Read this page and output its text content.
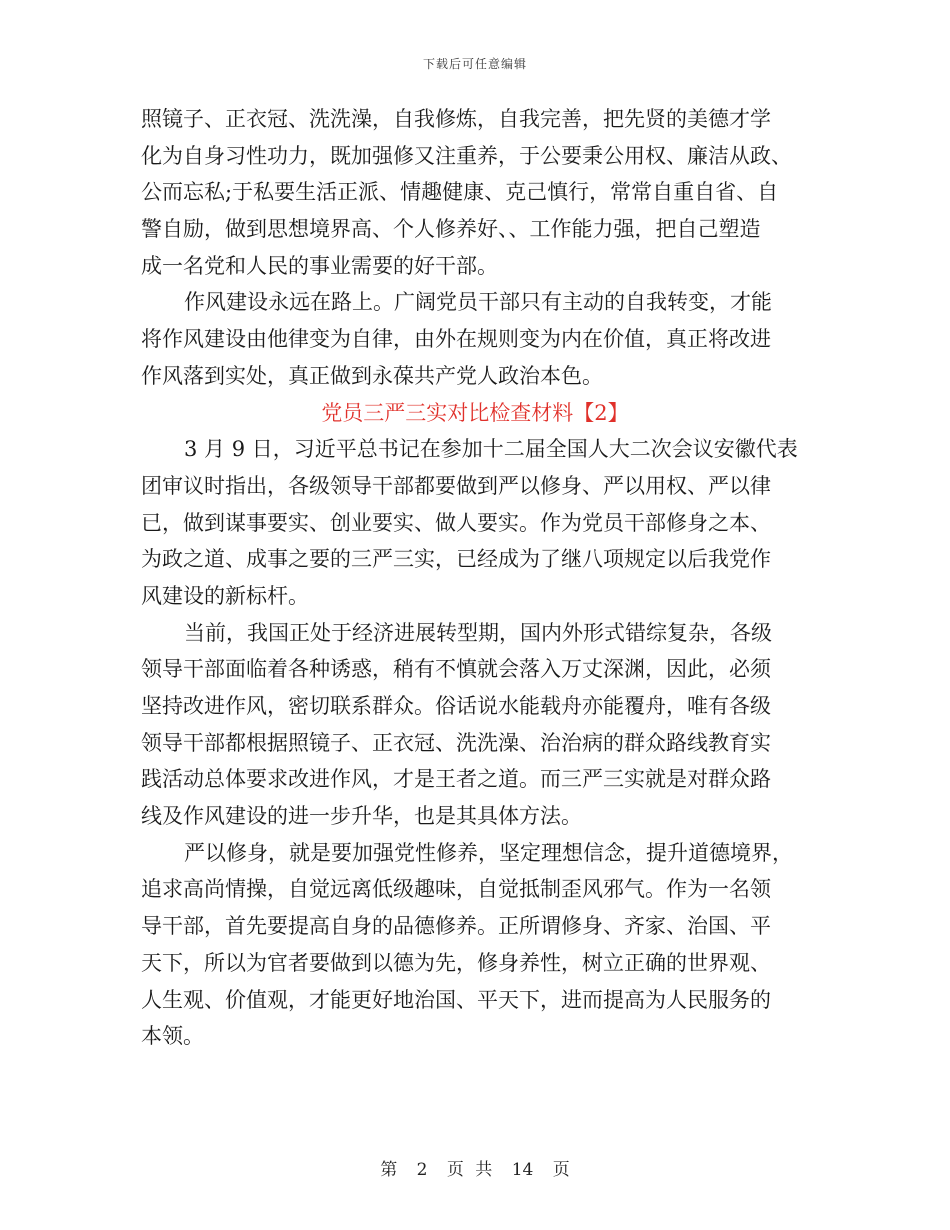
下载后可任意编辑
照镜子、正衣冠、洗洗澡，自我修炼，自我完善，把先贤的美德才学
化为自身习性功力，既加强修又注重养，于公要秉公用权、廉洁从政、
公而忘私;于私要生活正派、情趣健康、克己慎行，常常自重自省、自
警自励，做到思想境界高、个人修养好、、工作能力强，把自己塑造
成一名党和人民的事业需要的好干部。
作风建设永远在路上。广阔党员干部只有主动的自我转变，才能
将作风建设由他律变为自律，由外在规则变为内在价值，真正将改进
作风落到实处，真正做到永葆共产党人政治本色。
党员三严三实对比检查材料【2】
3 月 9 日，习近平总书记在参加十二届全国人大二次会议安徽代表
团审议时指出，各级领导干部都要做到严以修身、严以用权、严以律
已，做到谋事要实、创业要实、做人要实。作为党员干部修身之本、
为政之道、成事之要的三严三实，已经成为了继八项规定以后我党作
风建设的新标杆。
当前，我国正处于经济进展转型期，国内外形式错综复杂，各级
领导干部面临着各种诱惑，稍有不慎就会落入万丈深渊，因此，必须
坚持改进作风，密切联系群众。俗话说水能载舟亦能覆舟，唯有各级
领导干部都根据照镜子、正衣冠、洗洗澡、治治病的群众路线教育实
践活动总体要求改进作风，才是王者之道。而三严三实就是对群众路
线及作风建设的进一步升华，也是其具体方法。
严以修身，就是要加强党性修养，坚定理想信念，提升道德境界，
追求高尚情操，自觉远离低级趣味，自觉抵制歪风邪气。作为一名领
导干部，首先要提高自身的品德修养。正所谓修身、齐家、治国、平
天下，所以为官者要做到以德为先，修身养性，树立正确的世界观、
人生观、价值观，才能更好地治国、平天下，进而提高为人民服务的
本领。
第 2 页 共 14 页
